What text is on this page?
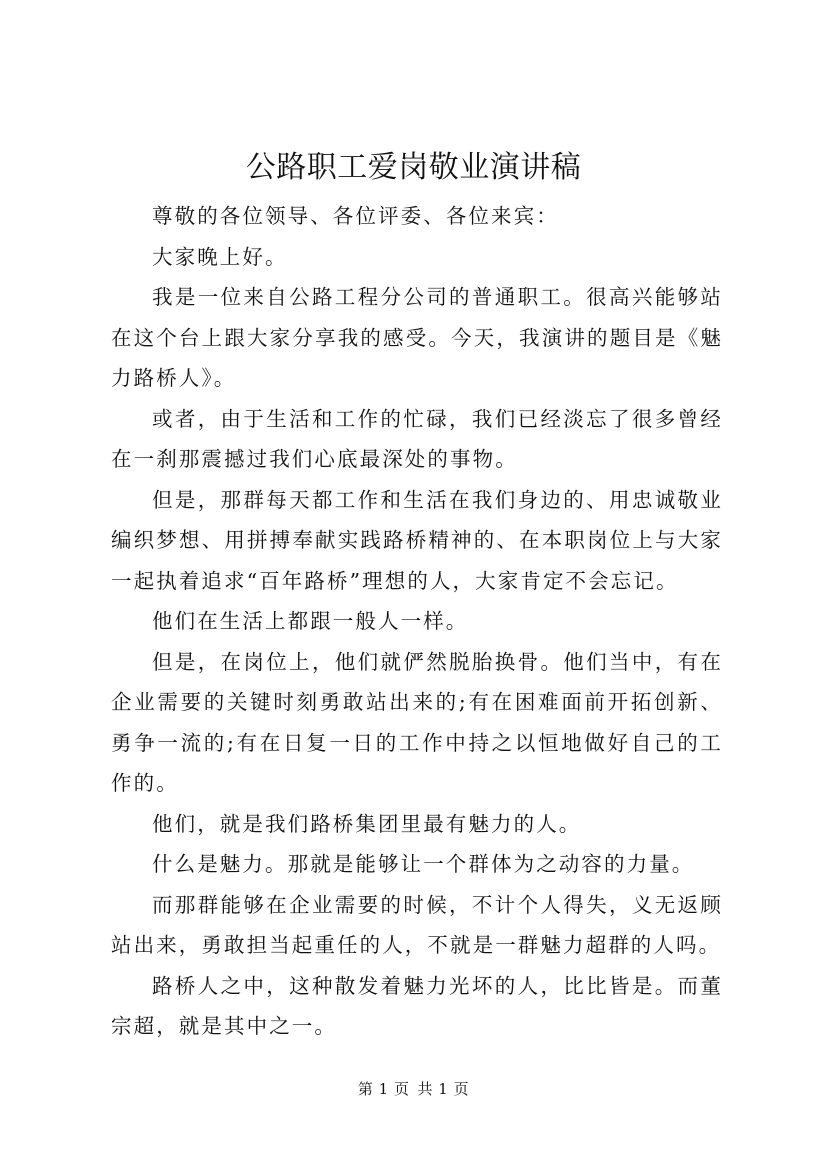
公路职工爱岗敬业演讲稿

尊敬的各位领导、各位评委、各位来宾：

大家晚上好。

我是一位来自公路工程分公司的普通职工。很高兴能够站在这个台上跟大家分享我的感受。今天，我演讲的题目是《魅力路桥人》。

或者，由于生活和工作的忙碌，我们已经淡忘了很多曾经在一刹那震撼过我们心底最深处的事物。

但是，那群每天都工作和生活在我们身边的、用忠诚敬业编织梦想、用拼搏奉献实践路桥精神的、在本职岗位上与大家一起执着追求“百年路桥”理想的人，大家肯定不会忘记。

他们在生活上都跟一般人一样。

但是，在岗位上，他们就俨然脱胎换骨。他们当中，有在企业需要的关键时刻勇敢站出来的;有在困难面前开拓创新、勇争一流的;有在日复一日的工作中持之以恒地做好自己的工作的。

他们，就是我们路桥集团里最有魅力的人。

什么是魅力。那就是能够让一个群体为之动容的力量。

而那群能够在企业需要的时候，不计个人得失，义无返顾站出来，勇敢担当起重任的人，不就是一群魅力超群的人吗。

路桥人之中，这种散发着魅力光坏的人，比比皆是。而董宗超，就是其中之一。

第 1 页 共 1 页
